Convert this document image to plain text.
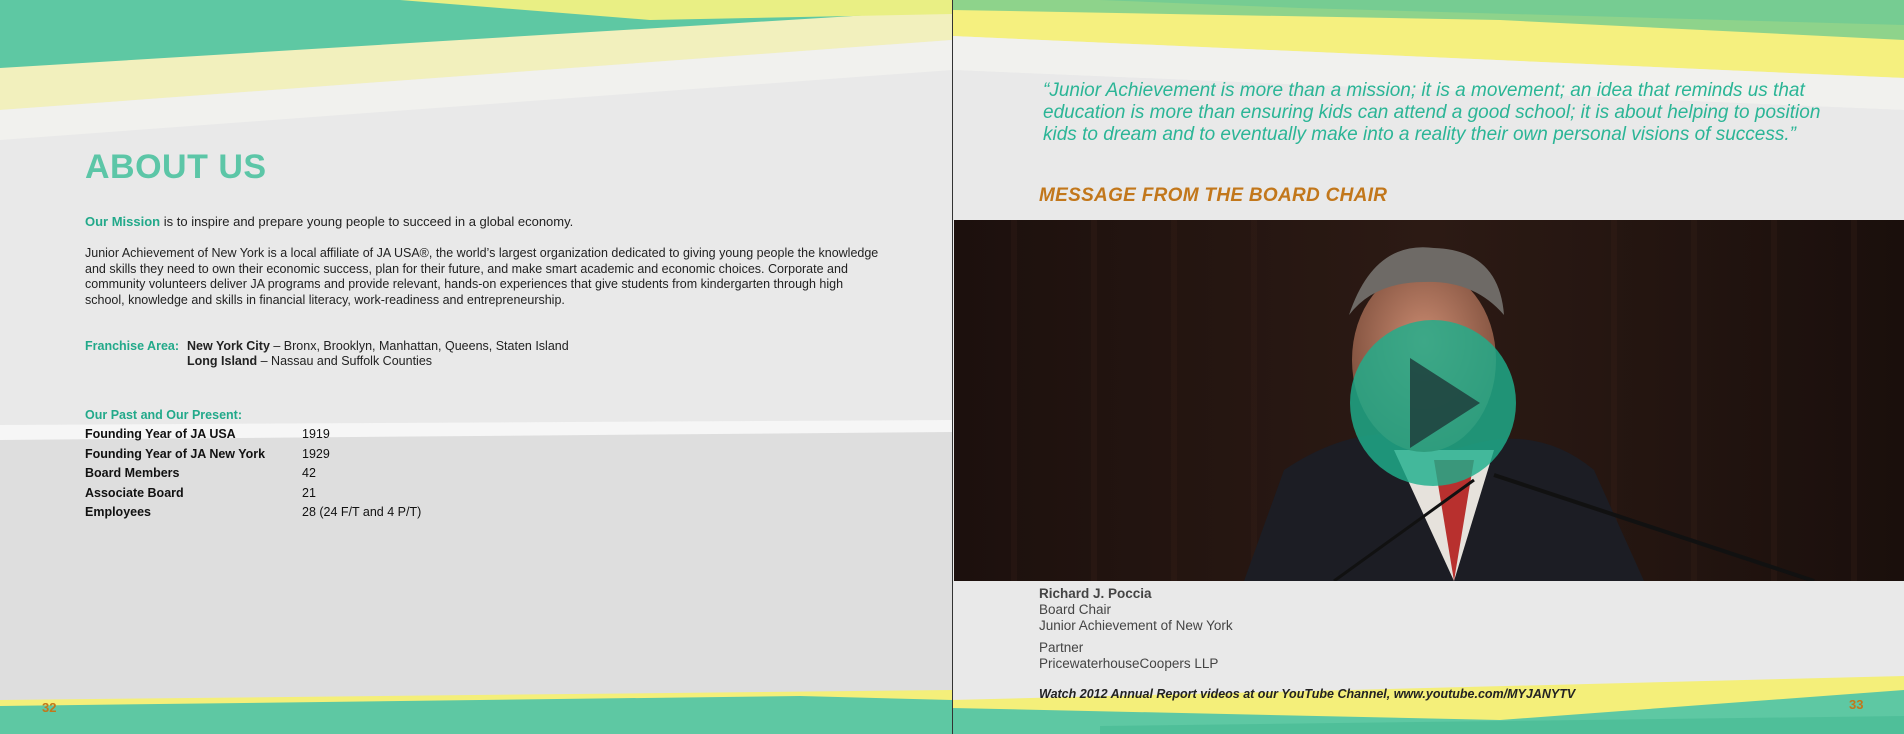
ABOUT US
Our Mission is to inspire and prepare young people to succeed in a global economy.
Junior Achievement of New York is a local affiliate of JA USA®, the world’s largest organization dedicated to giving young people the knowledge and skills they need to own their economic success, plan for their future, and make smart academic and economic choices. Corporate and community volunteers deliver JA programs and provide relevant, hands-on experiences that give students from kindergarten through high school, knowledge and skills in financial literacy, work-readiness and entrepreneurship.
Franchise Area: New York City – Bronx, Brooklyn, Manhattan, Queens, Staten Island
Long Island – Nassau and Suffolk Counties
Our Past and Our Present:
Founding Year of JA USA	1919
Founding Year of JA New York	1929
Board Members	42
Associate Board	21
Employees	28 (24 F/T and 4 P/T)
32

“Junior Achievement is more than a mission; it is a movement; an idea that reminds us that education is more than ensuring kids can attend a good school; it is about helping to position kids to dream and to eventually make into a reality their own personal visions of success.”

MESSAGE FROM THE BOARD CHAIR
Richard J. Poccia
Board Chair
Junior Achievement of New York
Partner
PricewaterhouseCoopers LLP
Watch 2012 Annual Report videos at our YouTube Channel, www.youtube.com/MYJANYTV
33
